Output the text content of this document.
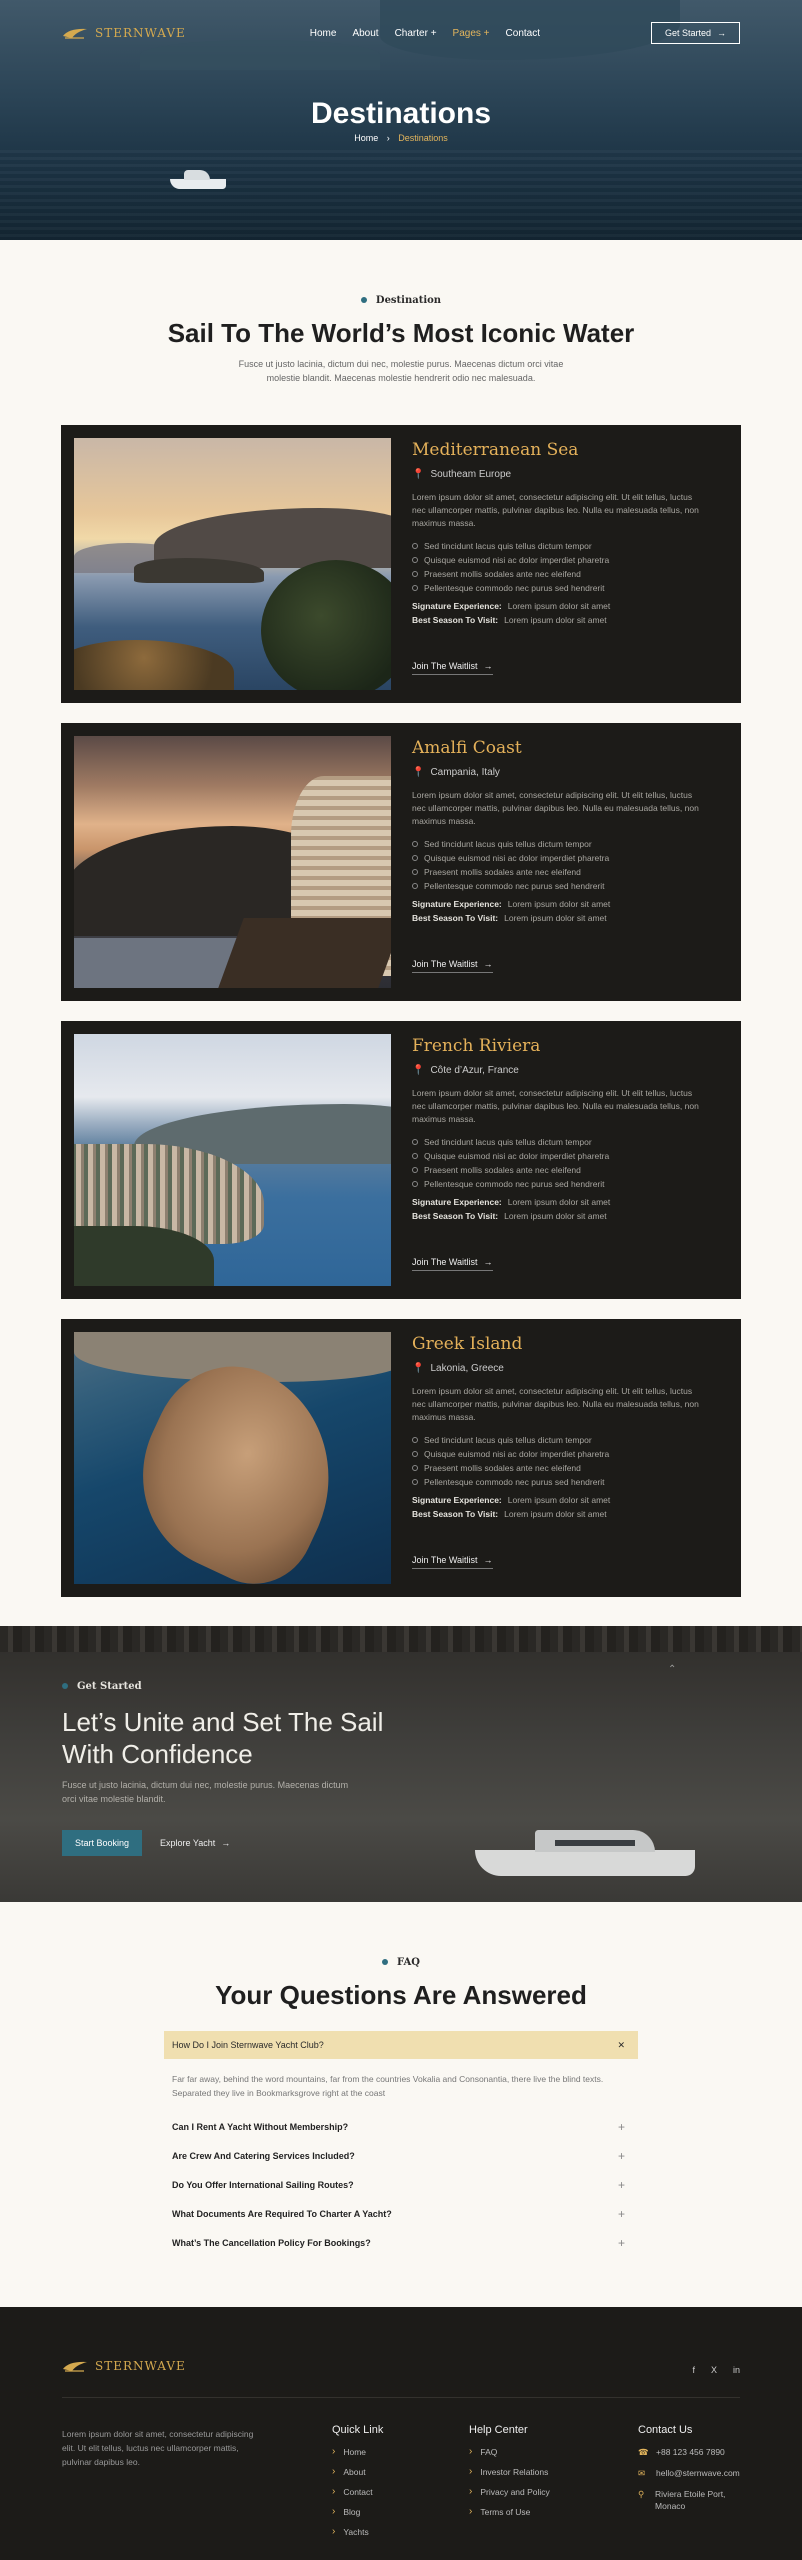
STERNWAVE	Home About Charter + Pages + Contact	Get Started →
Destinations
Home › Destinations
Destination
Sail To The World’s Most Iconic Water

Fusce ut justo lacinia, dictum dui nec, molestie purus. Maecenas dictum orci vitae molestie blandit. Maecenas molestie hendrerit odio nec malesuada.

Mediterranean Sea
📍 Southeam Europe

Lorem ipsum dolor sit amet, consectetur adipiscing elit. Ut elit tellus, luctus nec ullamcorper mattis, pulvinar dapibus leo. Nulla eu malesuada tellus, non maximus massa.

Sed tincidunt lacus quis tellus dictum tempor
Quisque euismod nisi ac dolor imperdiet pharetra
Praesent mollis sodales ante nec eleifend
Pellentesque commodo nec purus sed hendrerit
Signature Experience: Lorem ipsum dolor sit amet
Best Season To Visit: Lorem ipsum dolor sit amet
Join The Waitlist →
Amalfi Coast
📍 Campania, Italy

Lorem ipsum dolor sit amet, consectetur adipiscing elit. Ut elit tellus, luctus nec ullamcorper mattis, pulvinar dapibus leo. Nulla eu malesuada tellus, non maximus massa.

Sed tincidunt lacus quis tellus dictum tempor
Quisque euismod nisi ac dolor imperdiet pharetra
Praesent mollis sodales ante nec eleifend
Pellentesque commodo nec purus sed hendrerit
Signature Experience: Lorem ipsum dolor sit amet
Best Season To Visit: Lorem ipsum dolor sit amet
Join The Waitlist →
French Riviera
📍 Côte d’Azur, France

Lorem ipsum dolor sit amet, consectetur adipiscing elit. Ut elit tellus, luctus nec ullamcorper mattis, pulvinar dapibus leo. Nulla eu malesuada tellus, non maximus massa.

Sed tincidunt lacus quis tellus dictum tempor
Quisque euismod nisi ac dolor imperdiet pharetra
Praesent mollis sodales ante nec eleifend
Pellentesque commodo nec purus sed hendrerit
Signature Experience: Lorem ipsum dolor sit amet
Best Season To Visit: Lorem ipsum dolor sit amet
Join The Waitlist →
Greek Island
📍 Lakonia, Greece

Lorem ipsum dolor sit amet, consectetur adipiscing elit. Ut elit tellus, luctus nec ullamcorper mattis, pulvinar dapibus leo. Nulla eu malesuada tellus, non maximus massa.

Sed tincidunt lacus quis tellus dictum tempor
Quisque euismod nisi ac dolor imperdiet pharetra
Praesent mollis sodales ante nec eleifend
Pellentesque commodo nec purus sed hendrerit
Signature Experience: Lorem ipsum dolor sit amet
Best Season To Visit: Lorem ipsum dolor sit amet
Join The Waitlist →
⌃
Get Started
Let’s Unite and Set The Sail With Confidence

Fusce ut justo lacinia, dictum dui nec, molestie purus. Maecenas dictum orci vitae molestie blandit.

Start Booking	Explore Yacht →
FAQ
Your Questions Are Answered
How Do I Join Sternwave Yacht Club?	✕

Far far away, behind the word mountains, far from the countries Vokalia and Consonantia, there live the blind texts. Separated they live in Bookmarksgrove right at the coast

Can I Rent A Yacht Without Membership?	+
Are Crew And Catering Services Included?	+
Do You Offer International Sailing Routes?	+
What Documents Are Required To Charter A Yacht?	+
What’s The Cancellation Policy For Bookings?	+
STERNWAVE	f X in

Lorem ipsum dolor sit amet, consectetur adipiscing elit. Ut elit tellus, luctus nec ullamcorper mattis, pulvinar dapibus leo.

Quick Link
› Home
› About
› Contact
› Blog
› Yachts
Help Center
› FAQ
› Investor Relations
› Privacy and Policy
› Terms of Use
Contact Us
☎ +88 123 456 7890
✉	hello@sternwave.com
⚲	Riviera Etoile Port, Monaco
